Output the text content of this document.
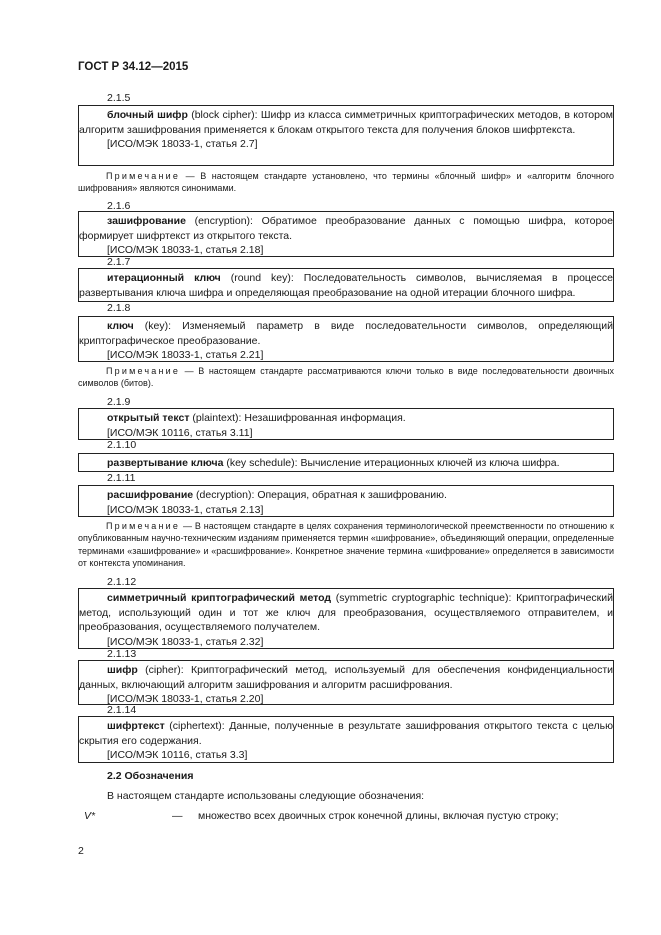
ГОСТ Р 34.12—2015
2.1.5

блочный шифр (block cipher): Шифр из класса симметричных криптографических методов, в котором алгоритм зашифрования применяется к блокам открытого текста для получения блоков шифртекста.

[ИСО/МЭК 18033-1, статья 2.7]

Примечание — В настоящем стандарте установлено, что термины «блочный шифр» и «алгоритм блочного шифрования» являются синонимами.

2.1.6

зашифрование (encryption): Обратимое преобразование данных с помощью шифра, которое формирует шифртекст из открытого текста.

[ИСО/МЭК 18033-1, статья 2.18]

2.1.7

итерационный ключ (round key): Последовательность символов, вычисляемая в процессе развертывания ключа шифра и определяющая преобразование на одной итерации блочного шифра.

2.1.8

ключ (key): Изменяемый параметр в виде последовательности символов, определяющий криптографическое преобразование.

[ИСО/МЭК 18033-1, статья 2.21]

Примечание — В настоящем стандарте рассматриваются ключи только в виде последовательности двоичных символов (битов).

2.1.9

открытый текст (plaintext): Незашифрованная информация.

[ИСО/МЭК 10116, статья 3.11]

2.1.10

развертывание ключа (key schedule): Вычисление итерационных ключей из ключа шифра.

2.1.11

расшифрование (decryption): Операция, обратная к зашифрованию.

[ИСО/МЭК 18033-1, статья 2.13]

Примечание — В настоящем стандарте в целях сохранения терминологической преемственности по отношению к опубликованным научно-техническим изданиям применяется термин «шифрование», объединяющий операции, определенные терминами «зашифрование» и «расшифрование». Конкретное значение термина «шифрование» определяется в зависимости от контекста упоминания.

2.1.12

симметричный криптографический метод (symmetric cryptographic technique): Криптографический метод, использующий один и тот же ключ для преобразования, осуществляемого отправителем, и преобразования, осуществляемого получателем.

[ИСО/МЭК 18033-1, статья 2.32]

2.1.13

шифр (cipher): Криптографический метод, используемый для обеспечения конфиденциальности данных, включающий алгоритм зашифрования и алгоритм расшифрования.

[ИСО/МЭК 18033-1, статья 2.20]

2.1.14

шифртекст (ciphertext): Данные, полученные в результате зашифрования открытого текста с целью скрытия его содержания.

[ИСО/МЭК 10116, статья 3.3]

2.2 Обозначения
В настоящем стандарте использованы следующие обозначения:
V*	— множество всех двоичных строк конечной длины, включая пустую строку;
2
